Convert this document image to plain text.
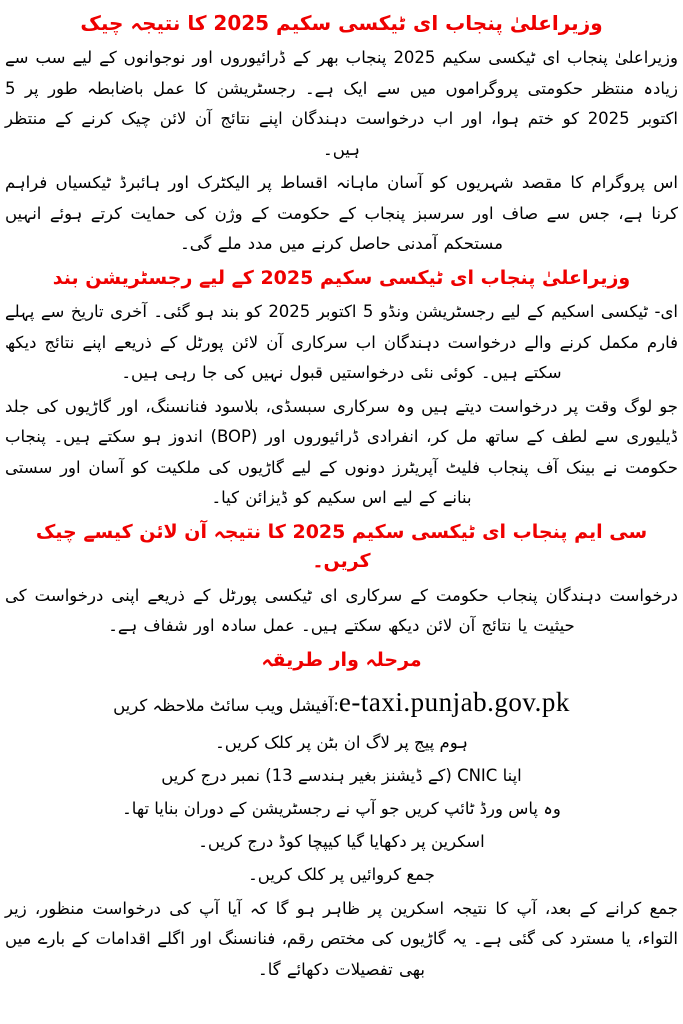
وزیراعلیٰ پنجاب ای ٹیکسی سکیم 2025 کا نتیجہ چیک

وزیراعلیٰ پنجاب ای ٹیکسی سکیم 2025 پنجاب بھر کے ڈرائیوروں اور نوجوانوں کے لیے سب سے زیادہ منتظر حکومتی پروگراموں میں سے ایک ہے۔ رجسٹریشن کا عمل باضابطہ طور پر 5 اکتوبر 2025 کو ختم ہوا، اور اب درخواست دہندگان اپنے نتائج آن لائن چیک کرنے کے منتظر ہیں۔

اس پروگرام کا مقصد شہریوں کو آسان ماہانہ اقساط پر الیکٹرک اور ہائبرڈ ٹیکسیاں فراہم کرنا ہے، جس سے صاف اور سرسبز پنجاب کے حکومت کے وژن کی حمایت کرتے ہوئے انہیں مستحکم آمدنی حاصل کرنے میں مدد ملے گی۔

وزیراعلیٰ پنجاب ای ٹیکسی سکیم 2025 کے لیے رجسٹریشن بند

ای- ٹیکسی اسکیم کے لیے رجسٹریشن ونڈو 5 اکتوبر 2025 کو بند ہو گئی۔ آخری تاریخ سے پہلے فارم مکمل کرنے والے درخواست دہندگان اب سرکاری آن لائن پورٹل کے ذریعے اپنے نتائج دیکھ سکتے ہیں۔ کوئی نئی درخواستیں قبول نہیں کی جا رہی ہیں۔

جو لوگ وقت پر درخواست دیتے ہیں وہ سرکاری سبسڈی، بلاسود فنانسنگ، اور گاڑیوں کی جلد ڈیلیوری سے لطف کے ساتھ مل کر، انفرادی ڈرائیوروں اور (BOP) اندوز ہو سکتے ہیں۔ پنجاب حکومت نے بینک آف پنجاب فلیٹ آپریٹرز دونوں کے لیے گاڑیوں کی ملکیت کو آسان اور سستی بنانے کے لیے اس سکیم کو ڈیزائن کیا۔

سی ایم پنجاب ای ٹیکسی سکیم 2025 کا نتیجہ آن لائن کیسے چیک کریں۔

درخواست دہندگان پنجاب حکومت کے سرکاری ای ٹیکسی پورٹل کے ذریعے اپنی درخواست کی حیثیت یا نتائج آن لائن دیکھ سکتے ہیں۔ عمل سادہ اور شفاف ہے۔

مرحلہ وار طریقہ
e-taxi.punjab.gov.pk:آفیشل ویب سائٹ ملاحظہ کریں
ہوم پیج پر لاگ ان بٹن پر کلک کریں۔
اپنا CNIC (کے ڈیشنز بغیر ہندسے 13) نمبر درج کریں
وہ پاس ورڈ ٹائپ کریں جو آپ نے رجسٹریشن کے دوران بنایا تھا۔
اسکرین پر دکھایا گیا کیپچا کوڈ درج کریں۔
جمع کروائیں پر کلک کریں۔

جمع کرانے کے بعد، آپ کا نتیجہ اسکرین پر ظاہر ہو گا کہ آیا آپ کی درخواست منظور، زیر التواء، یا مسترد کی گئی ہے۔ یہ گاڑیوں کی مختص رقم، فنانسنگ اور اگلے اقدامات کے بارے میں بھی تفصیلات دکھائے گا۔
